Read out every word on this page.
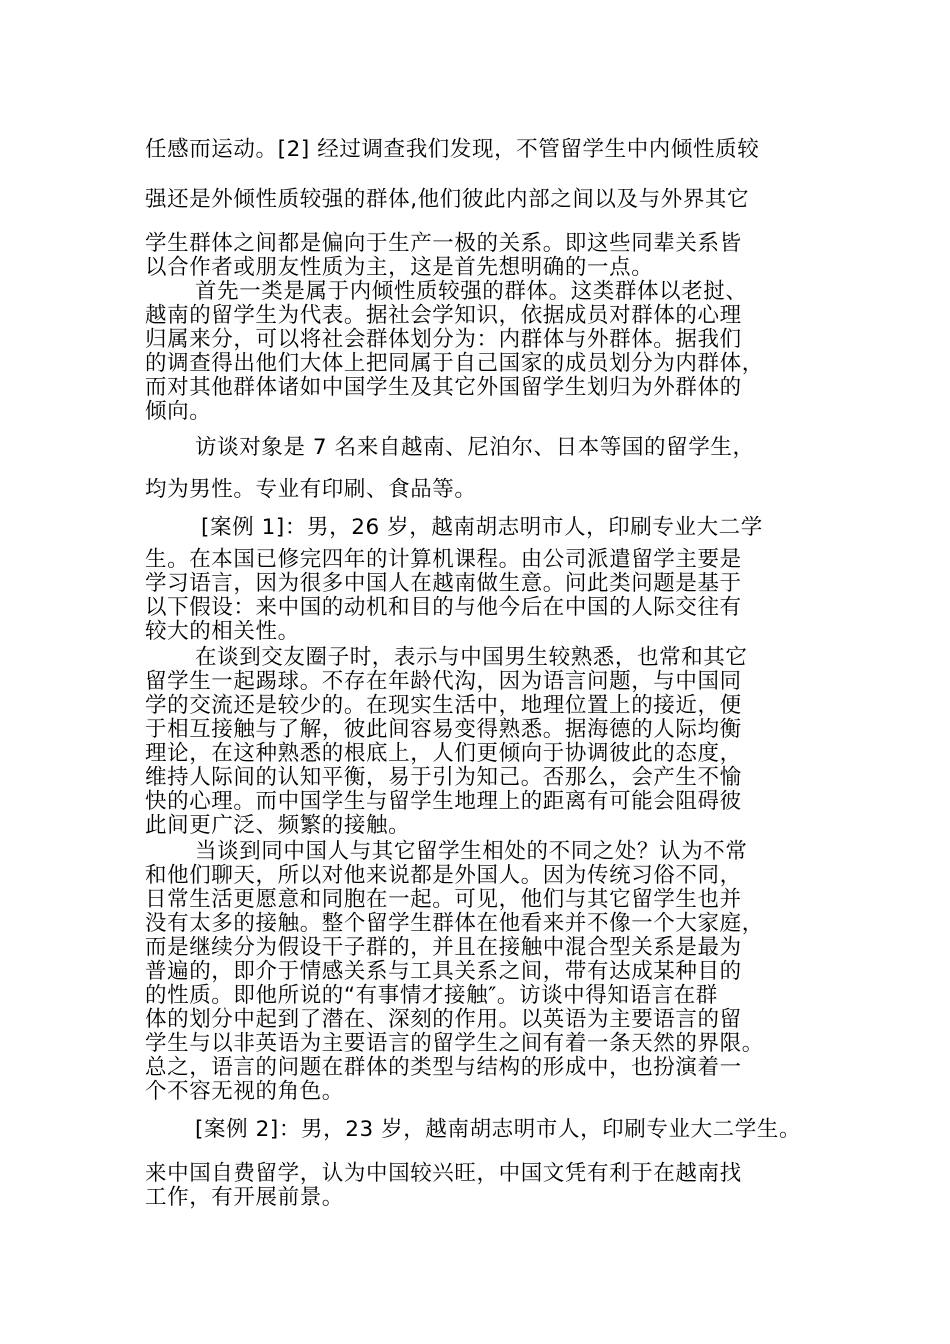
任感而运动。[2] 经过调查我们发现，不管留学生中内倾性质较
强还是外倾性质较强的群体,他们彼此内部之间以及与外界其它
学生群体之间都是偏向于生产一极的关系。即这些同辈关系皆
以合作者或朋友性质为主，这是首先想明确的一点。
首先一类是属于内倾性质较强的群体。这类群体以老挝、
越南的留学生为代表。据社会学知识，依据成员对群体的心理
归属来分，可以将社会群体划分为：内群体与外群体。据我们
的调查得出他们大体上把同属于自己国家的成员划分为内群体，
而对其他群体诸如中国学生及其它外国留学生划归为外群体的
倾向。
访谈对象是 7 名来自越南、尼泊尔、日本等国的留学生，
均为男性。专业有印刷、食品等。
[案例 1]：男，26 岁，越南胡志明市人，印刷专业大二学
生。在本国已修完四年的计算机课程。由公司派遣留学主要是
学习语言，因为很多中国人在越南做生意。问此类问题是基于
以下假设：来中国的动机和目的与他今后在中国的人际交往有
较大的相关性。
在谈到交友圈子时，表示与中国男生较熟悉，也常和其它
留学生一起踢球。不存在年龄代沟，因为语言问题，与中国同
学的交流还是较少的。在现实生活中，地理位置上的接近，便
于相互接触与了解，彼此间容易变得熟悉。据海德的人际均衡
理论，在这种熟悉的根底上，人们更倾向于协调彼此的态度，
维持人际间的认知平衡，易于引为知己。否那么，会产生不愉
快的心理。而中国学生与留学生地理上的距离有可能会阻碍彼
此间更广泛、频繁的接触。
当谈到同中国人与其它留学生相处的不同之处？认为不常
和他们聊天，所以对他来说都是外国人。因为传统习俗不同，
日常生活更愿意和同胞在一起。可见，他们与其它留学生也并
没有太多的接触。整个留学生群体在他看来并不像一个大家庭，
而是继续分为假设干子群的，并且在接触中混合型关系是最为
普遍的，即介于情感关系与工具关系之间，带有达成某种目的
的性质。即他所说的“有事情才接触″。访谈中得知语言在群
体的划分中起到了潜在、深刻的作用。以英语为主要语言的留
学生与以非英语为主要语言的留学生之间有着一条天然的界限。
总之，语言的问题在群体的类型与结构的形成中，也扮演着一
个不容无视的角色。
[案例 2]：男，23 岁，越南胡志明市人，印刷专业大二学生。
来中国自费留学，认为中国较兴旺，中国文凭有利于在越南找
工作，有开展前景。
